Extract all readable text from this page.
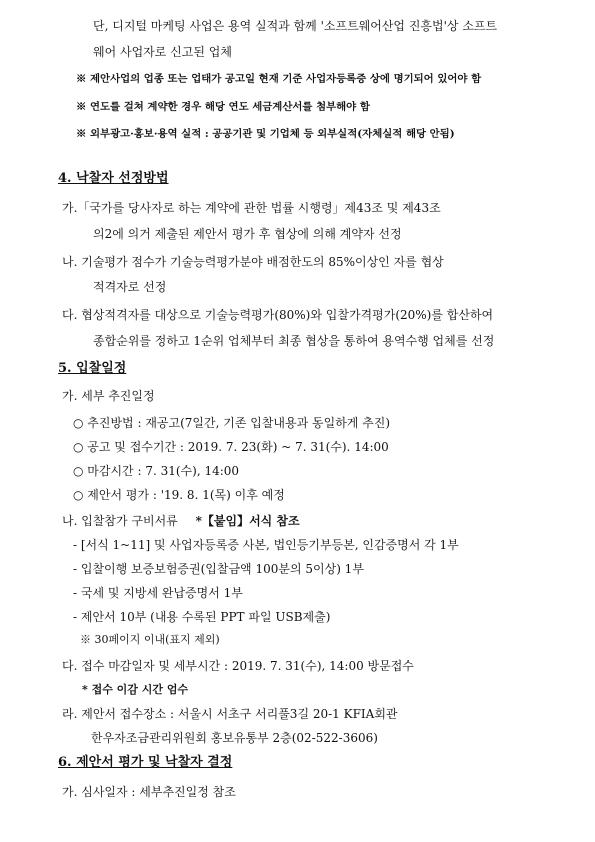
단, 디지털 마케팅 사업은 용역 실적과 함께 '소프트웨어산업 진흥법'상 소프트
웨어 사업자로 신고된 업체
※ 제안사업의 업종 또는 업태가 공고일 현재 기준 사업자등록증 상에 명기되어 있어야 함
※ 연도를 걸쳐 계약한 경우 해당 연도 세금계산서를 첨부해야 함
※ 외부광고·홍보·용역 실적 : 공공기관 및 기업체 등 외부실적(자체실적 해당 안됨)
4. 낙찰자 선정방법
가.「국가를 당사자로 하는 계약에 관한 법률 시행령」제43조 및 제43조
의2에 의거 제출된 제안서 평가 후 협상에 의해 계약자 선정
나. 기술평가 점수가 기술능력평가분야 배점한도의 85%이상인 자를 협상
적격자로 선정
다. 협상적격자를 대상으로 기술능력평가(80%)와 입찰가격평가(20%)를 합산하여
종합순위를 정하고 1순위 업체부터 최종 협상을 통하여 용역수행 업체를 선정
5. 입찰일정
가. 세부 추진일정
○ 추진방법 : 재공고(7일간, 기존 입찰내용과 동일하게 추진)
○ 공고 및 접수기간 : 2019. 7. 23(화) ~ 7. 31(수). 14:00
○ 마감시간 : 7. 31(수), 14:00
○ 제안서 평가 : '19. 8. 1(목) 이후 예정
나. 입찰참가 구비서류 *【붙임】서식 참조
- [서식 1~11] 및 사업자등록증 사본, 법인등기부등본, 인감증명서 각 1부
- 입찰이행 보증보험증권(입찰금액 100분의 5이상) 1부
- 국세 및 지방세 완납증명서 1부
- 제안서 10부 (내용 수록된 PPT 파일 USB제출)
※ 30페이지 이내(표지 제외)
다. 접수 마감일자 및 세부시간 : 2019. 7. 31(수), 14:00 방문접수
* 접수 이감 시간 엄수
라. 제안서 접수장소 : 서울시 서초구 서리풀3길 20-1 KFIA회관
한우자조금관리위원회 홍보유통부 2층(02-522-3606)
6. 제안서 평가 및 낙찰자 결정
가. 심사일자 : 세부추진일정 참조
